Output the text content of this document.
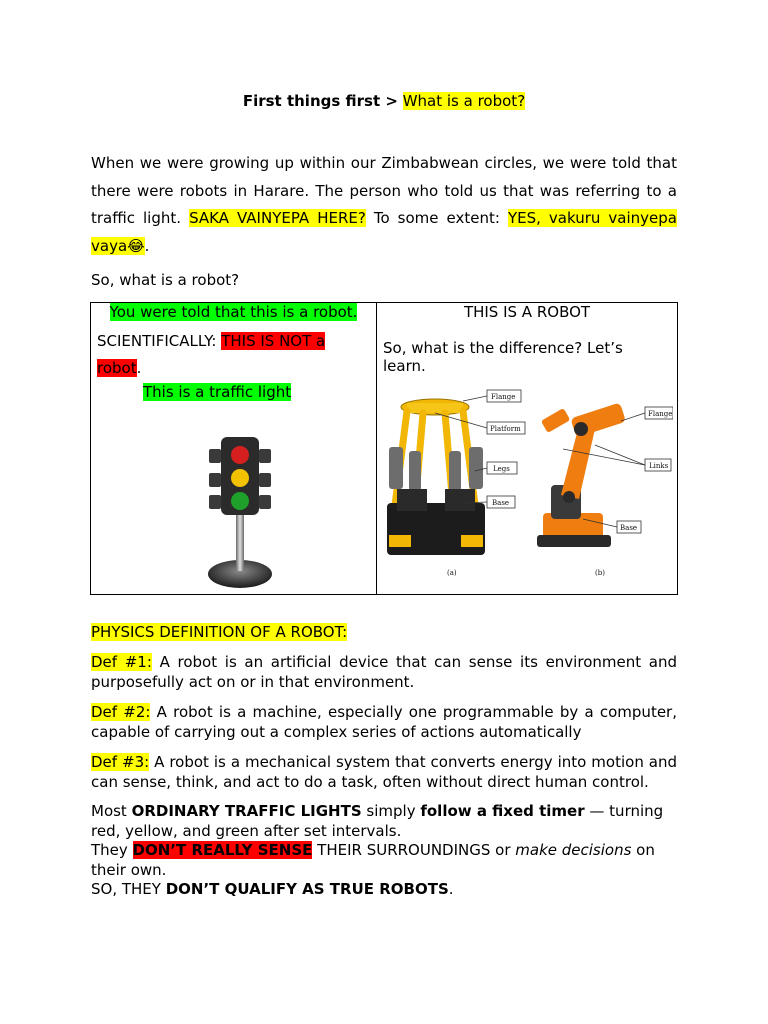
First things first > What is a robot?
When we were growing up within our Zimbabwean circles, we were told that there were robots in Harare. The person who told us that was referring to a traffic light. SAKA VAINYEPA HERE? To some extent: YES, vakuru vainyepa vaya😂.
So, what is a robot?
You were told that this is a robot.
SCIENTIFICALLY: THIS IS NOT a robot.
This is a traffic light

THIS IS A ROBOT
So, what is the difference? Let’s learn.
Flange
Platform
Legs
Base
Flange
Links
Base
(a)	(b)

PHYSICS DEFINITION OF A ROBOT:

Def #1: A robot is an artificial device that can sense its environment and purposefully act on or in that environment.

Def #2: A robot is a machine, especially one programmable by a computer, capable of carrying out a complex series of actions automatically

Def #3: A robot is a mechanical system that converts energy into motion and can sense, think, and act to do a task, often without direct human control.

Most ORDINARY TRAFFIC LIGHTS simply follow a fixed timer — turning red, yellow, and green after set intervals.
They DON’T REALLY SENSE THEIR SURROUNDINGS or make decisions on their own.
SO, THEY DON’T QUALIFY AS TRUE ROBOTS.
